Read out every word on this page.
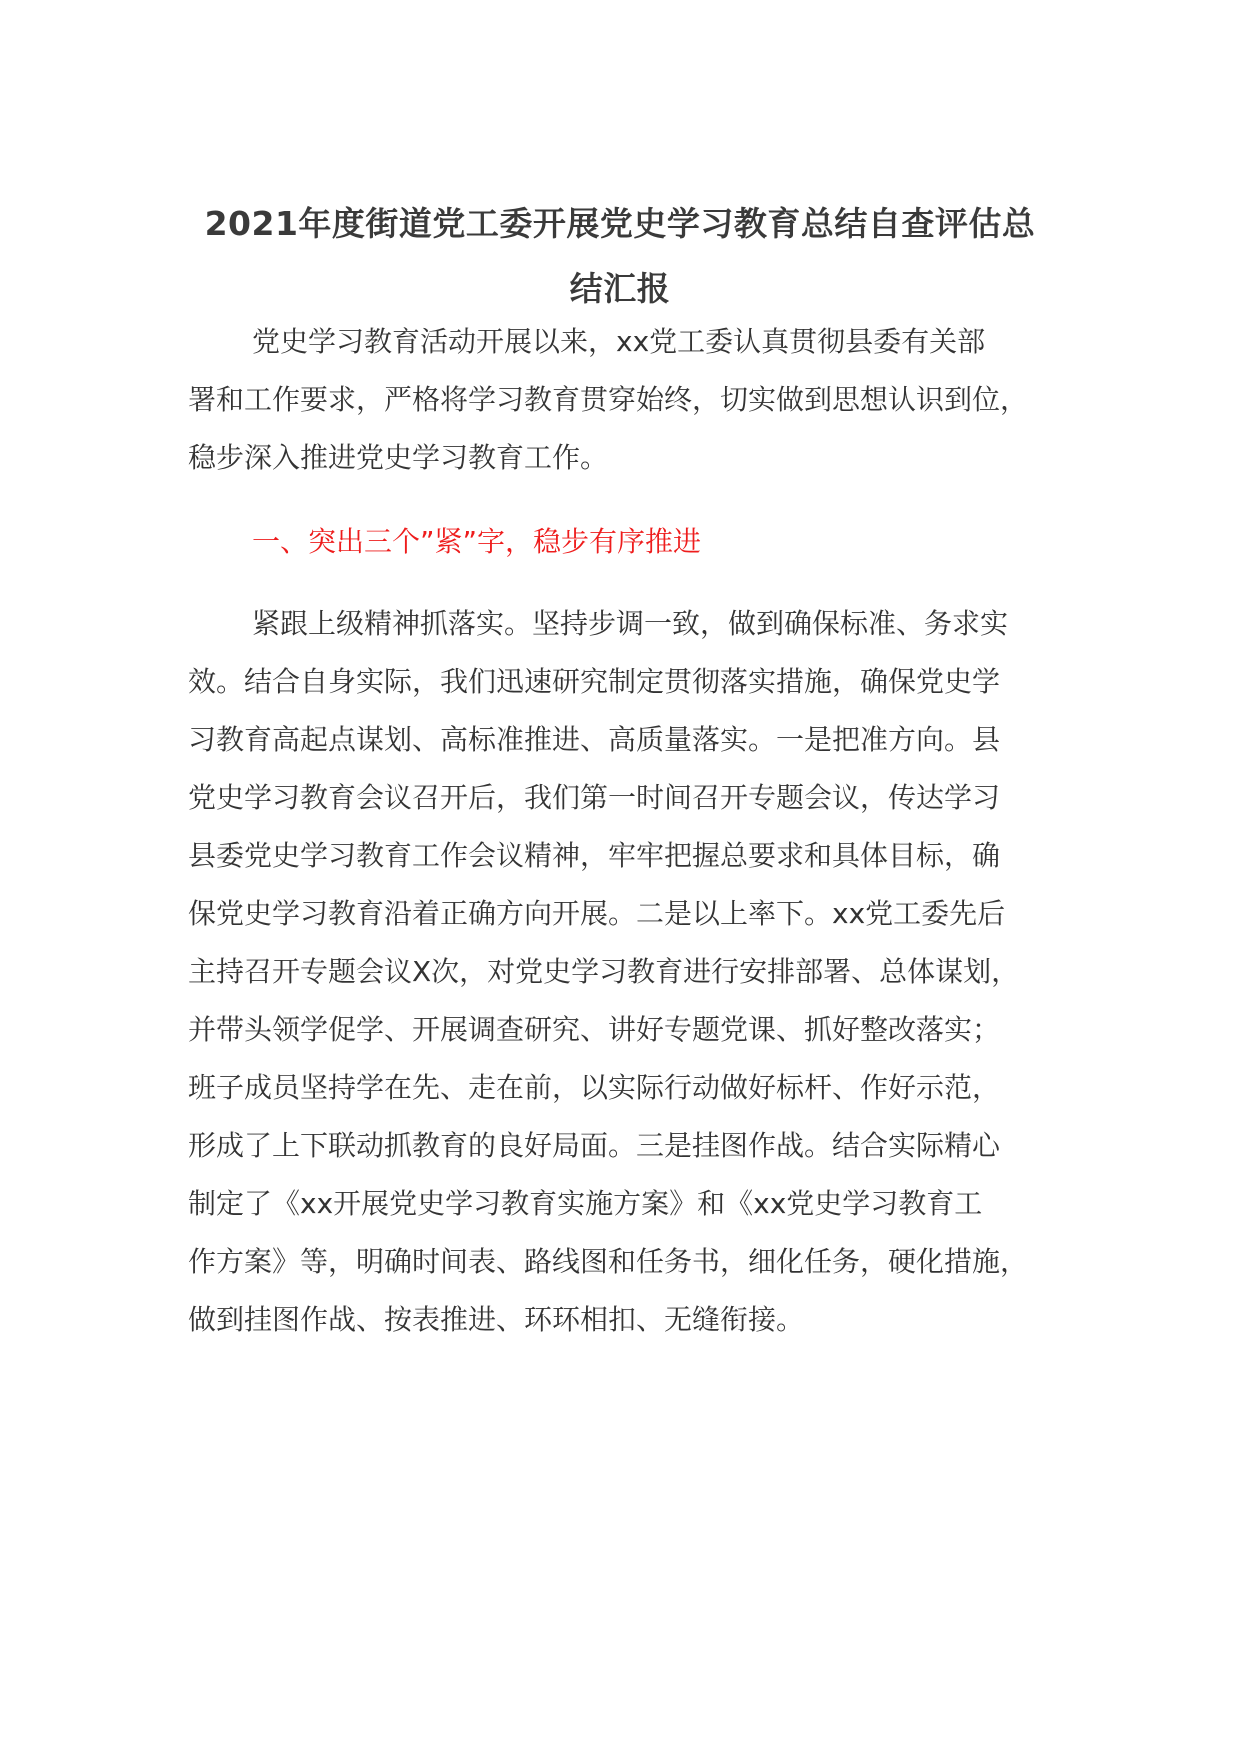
2021年度街道党工委开展党史学习教育总结自查评估总
结汇报
党史学习教育活动开展以来，xx党工委认真贯彻县委有关部
署和工作要求，严格将学习教育贯穿始终，切实做到思想认识到位，
稳步深入推进党史学习教育工作。
一、突出三个”紧”字，稳步有序推进
紧跟上级精神抓落实。坚持步调一致，做到确保标准、务求实
效。结合自身实际，我们迅速研究制定贯彻落实措施，确保党史学
习教育高起点谋划、高标准推进、高质量落实。一是把准方向。县
党史学习教育会议召开后，我们第一时间召开专题会议，传达学习
县委党史学习教育工作会议精神，牢牢把握总要求和具体目标，确
保党史学习教育沿着正确方向开展。二是以上率下。xx党工委先后
主持召开专题会议X次，对党史学习教育进行安排部署、总体谋划，
并带头领学促学、开展调查研究、讲好专题党课、抓好整改落实；
班子成员坚持学在先、走在前，以实际行动做好标杆、作好示范，
形成了上下联动抓教育的良好局面。三是挂图作战。结合实际精心
制定了《xx开展党史学习教育实施方案》和《xx党史学习教育工
作方案》等，明确时间表、路线图和任务书，细化任务，硬化措施，
做到挂图作战、按表推进、环环相扣、无缝衔接。
